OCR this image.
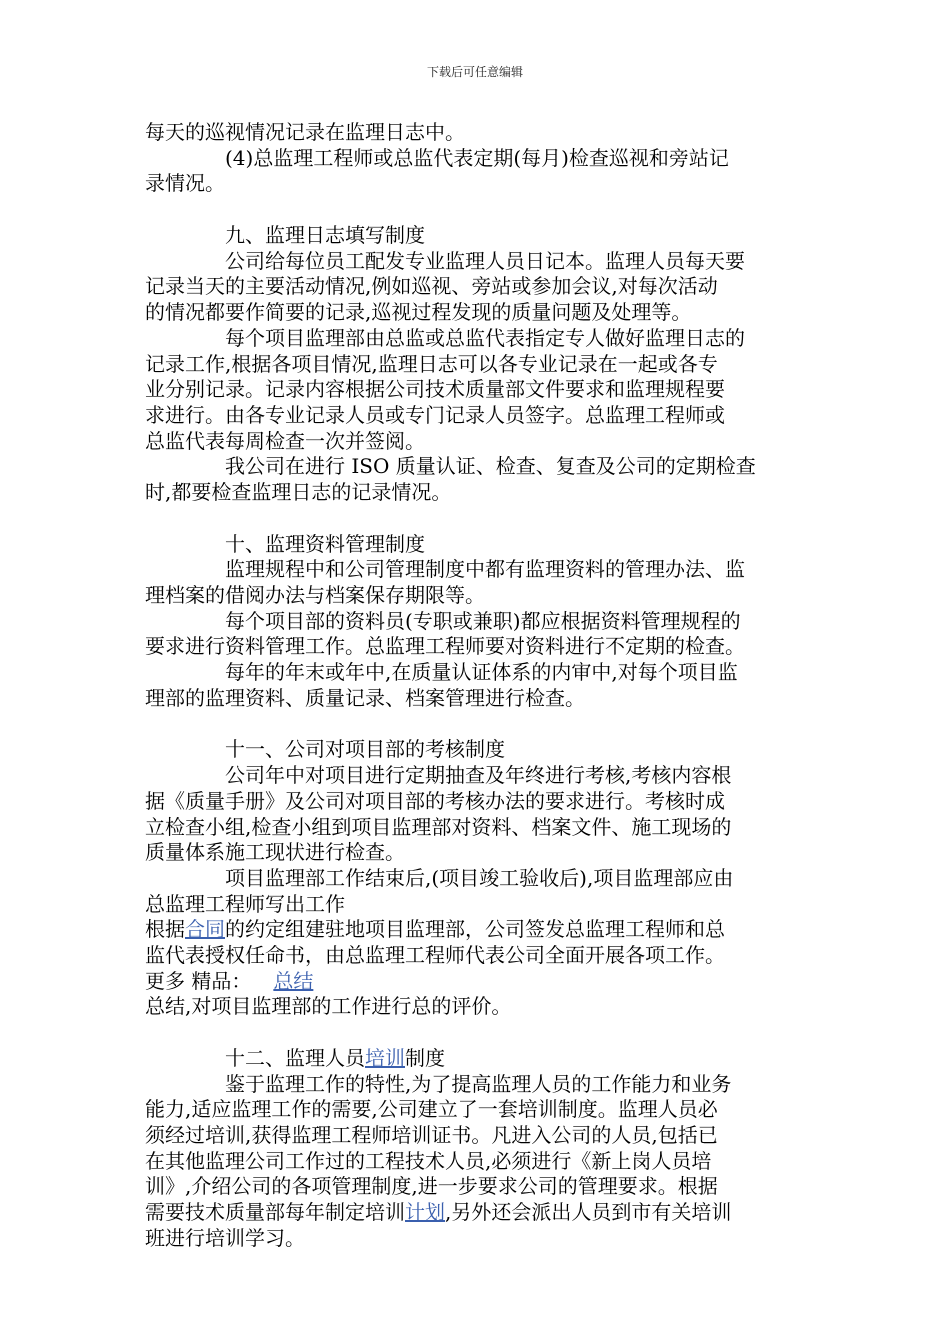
下载后可任意编辑
每天的巡视情况记录在监理日志中。
(4)总监理工程师或总监代表定期(每月)检查巡视和旁站记
录情况。
九、监理日志填写制度
公司给每位员工配发专业监理人员日记本。监理人员每天要
记录当天的主要活动情况,例如巡视、旁站或参加会议,对每次活动
的情况都要作简要的记录,巡视过程发现的质量问题及处理等。
每个项目监理部由总监或总监代表指定专人做好监理日志的
记录工作,根据各项目情况,监理日志可以各专业记录在一起或各专
业分别记录。记录内容根据公司技术质量部文件要求和监理规程要
求进行。由各专业记录人员或专门记录人员签字。总监理工程师或
总监代表每周检查一次并签阅。
我公司在进行 ISO 质量认证、检查、复查及公司的定期检查
时,都要检查监理日志的记录情况。
十、监理资料管理制度
监理规程中和公司管理制度中都有监理资料的管理办法、监
理档案的借阅办法与档案保存期限等。
每个项目部的资料员(专职或兼职)都应根据资料管理规程的
要求进行资料管理工作。总监理工程师要对资料进行不定期的检查。
每年的年末或年中,在质量认证体系的内审中,对每个项目监
理部的监理资料、质量记录、档案管理进行检查。
十一、公司对项目部的考核制度
公司年中对项目进行定期抽查及年终进行考核,考核内容根
据《质量手册》及公司对项目部的考核办法的要求进行。考核时成
立检查小组,检查小组到项目监理部对资料、档案文件、施工现场的
质量体系施工现状进行检查。
项目监理部工作结束后,(项目竣工验收后),项目监理部应由
总监理工程师写出工作
根据合同的约定组建驻地项目监理部，公司签发总监理工程师和总
监代表授权任命书，由总监理工程师代表公司全面开展各项工作。
更多 精品： 总结
总结,对项目监理部的工作进行总的评价。
十二、监理人员培训制度
鉴于监理工作的特性,为了提高监理人员的工作能力和业务
能力,适应监理工作的需要,公司建立了一套培训制度。监理人员必
须经过培训,获得监理工程师培训证书。凡进入公司的人员,包括已
在其他监理公司工作过的工程技术人员,必须进行《新上岗人员培
训》,介绍公司的各项管理制度,进一步要求公司的管理要求。根据
需要技术质量部每年制定培训计划,另外还会派出人员到市有关培训
班进行培训学习。
